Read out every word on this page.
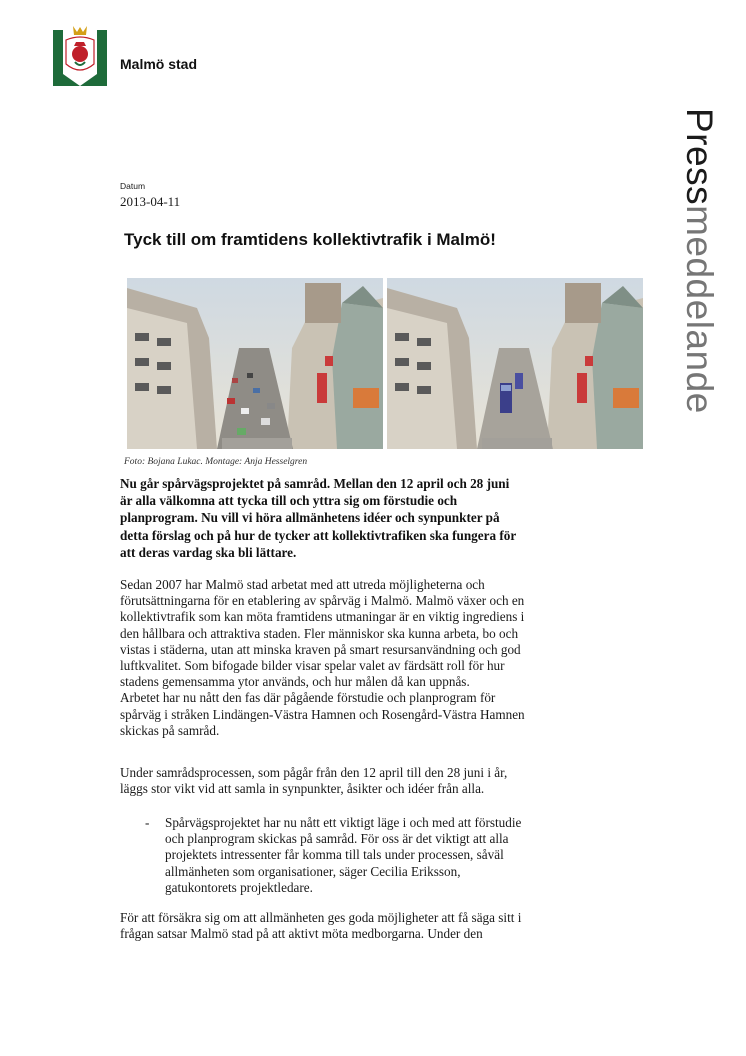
Malmö stad
Pressmeddelande
Datum
2013-04-11
Tyck till om framtidens kollektivtrafik i Malmö!
Foto: Bojana Lukac. Montage: Anja Hesselgren
Nu går spårvägsprojektet på samråd. Mellan den 12 april och 28 juni
är alla välkomna att tycka till och yttra sig om förstudie och
planprogram. Nu vill vi höra allmänhetens idéer och synpunkter på
detta förslag och på hur de tycker att kollektivtrafiken ska fungera för
att deras vardag ska bli lättare.
Sedan 2007 har Malmö stad arbetat med att utreda möjligheterna och
förutsättningarna för en etablering av spårväg i Malmö. Malmö växer och en
kollektivtrafik som kan möta framtidens utmaningar är en viktig ingrediens i
den hållbara och attraktiva staden. Fler människor ska kunna arbeta, bo och
vistas i städerna, utan att minska kraven på smart resursanvändning och god
luftkvalitet. Som bifogade bilder visar spelar valet av färdsätt roll för hur
stadens gemensamma ytor används, och hur målen då kan uppnås.
Arbetet har nu nått den fas där pågående förstudie och planprogram för
spårväg i stråken Lindängen-Västra Hamnen och Rosengård-Västra Hamnen
skickas på samråd.
Under samrådsprocessen, som pågår från den 12 april till den 28 juni i år,
läggs stor vikt vid att samla in synpunkter, åsikter och idéer från alla.
- Spårvägsprojektet har nu nått ett viktigt läge i och med att förstudie
och planprogram skickas på samråd. För oss är det viktigt att alla
projektets intressenter får komma till tals under processen, såväl
allmänheten som organisationer, säger Cecilia Eriksson,
gatukontorets projektledare.
För att försäkra sig om att allmänheten ges goda möjligheter att få säga sitt i
frågan satsar Malmö stad på att aktivt möta medborgarna. Under den
